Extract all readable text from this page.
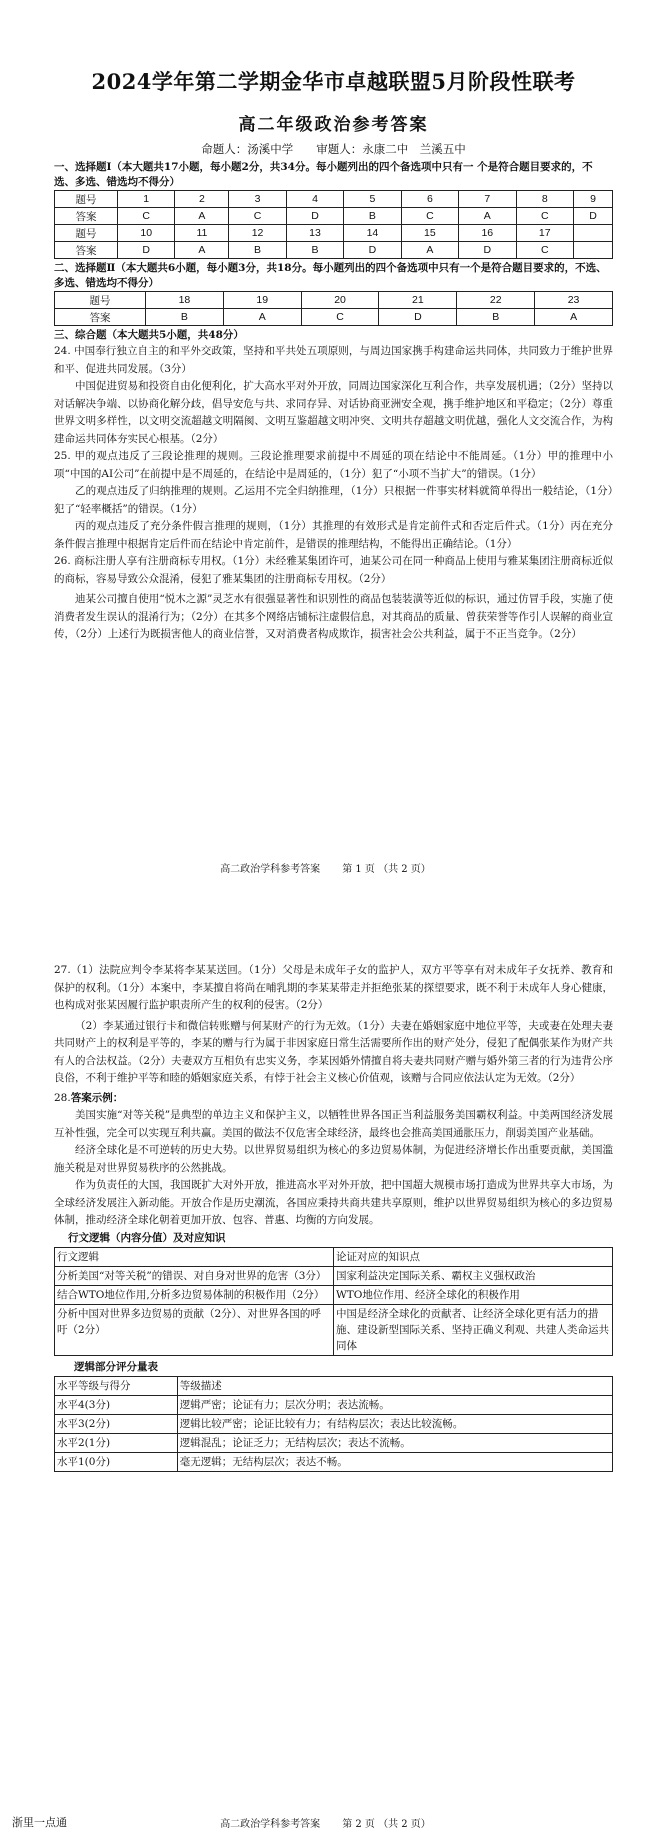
2024学年第二学期金华市卓越联盟5月阶段性联考
高二年级政治参考答案
命题人：汤溪中学　　审题人：永康二中　兰溪五中
一、选择题Ⅰ（本大题共17小题，每小题2分，共34分。每小题列出的四个备选项中只有一 个是符合题目要求的，不选、多选、错选均不得分）
题号	1	2	3	4	5	6	7	8	9
答案	C	A	C	D	B	C	A	C	D
题号	10	11	12	13	14	15	16	17	
答案	D	A	B	B	D	A	D	C	
二、选择题Ⅱ（本大题共6小题，每小题3分，共18分。每小题列出的四个备选项中只有一个是符合题目要求的，不选、多选、错选均不得分）
题号	18	19	20	21	22	23
答案	B	A	C	D	B	A
三、综合题（本大题共5小题，共48分）

24. 中国奉行独立自主的和平外交政策，坚持和平共处五项原则，与周边国家携手构建命运共同体，共同致力于维护世界和平、促进共同发展。（3分）

中国促进贸易和投资自由化便利化，扩大高水平对外开放，同周边国家深化互利合作，共享发展机遇；（2分）坚持以对话解决争端、以协商化解分歧，倡导安危与共、求同存异、对话协商亚洲安全观，携手维护地区和平稳定；（2分）尊重世界文明多样性，以文明交流超越文明隔阂、文明互鉴超越文明冲突、文明共存超越文明优越，强化人文交流合作，为构建命运共同体夯实民心根基。（2分）

25. 甲的观点违反了三段论推理的规则。三段论推理要求前提中不周延的项在结论中不能周延。（1分）甲的推理中小项“中国的AI公司”在前提中是不周延的，在结论中是周延的，（1分）犯了“小项不当扩大”的错误。（1分）

乙的观点违反了归纳推理的规则。乙运用不完全归纳推理，（1分）只根据一件事实材料就简单得出一般结论，（1分）犯了“轻率概括”的错误。（1分）

丙的观点违反了充分条件假言推理的规则，（1分）其推理的有效形式是肯定前件式和否定后件式。（1分）丙在充分条件假言推理中根据肯定后件而在结论中肯定前件，是错误的推理结构，不能得出正确结论。（1分）

26. 商标注册人享有注册商标专用权。（1分）未经雅某集团许可，迪某公司在同一种商品上使用与雅某集团注册商标近似的商标，容易导致公众混淆，侵犯了雅某集团的注册商标专用权。（2分）

迪某公司擅自使用“悦木之源”灵芝水有很强显著性和识别性的商品包装装潢等近似的标识，通过仿冒手段，实施了使消费者发生误认的混淆行为；（2分）在其多个网络店铺标注虚假信息，对其商品的质量、曾获荣誉等作引人误解的商业宣传，（2分）上述行为既损害他人的商业信誉，又对消费者构成欺诈，损害社会公共利益，属于不正当竞争。（2分）

高二政治学科参考答案 第 1 页 （共 2 页）

27.（1）法院应判令李某将李某某送回。（1分）父母是未成年子女的监护人，双方平等享有对未成年子女抚养、教育和保护的权利。（1分）本案中，李某擅自将尚在哺乳期的李某某带走并拒绝张某的探望要求，既不利于未成年人身心健康，也构成对张某因履行监护职责所产生的权利的侵害。（2分）

（2）李某通过银行卡和微信转账赠与何某财产的行为无效。（1分）夫妻在婚姻家庭中地位平等，夫或妻在处理夫妻共同财产上的权利是平等的，李某的赠与行为属于非因家庭日常生活需要所作出的财产处分，侵犯了配偶张某作为财产共有人的合法权益。（2分）夫妻双方互相负有忠实义务，李某因婚外情擅自将夫妻共同财产赠与婚外第三者的行为违背公序良俗，不利于维护平等和睦的婚姻家庭关系，有悖于社会主义核心价值观，该赠与合同应依法认定为无效。（2分）

28.答案示例：

美国实施“对等关税”是典型的单边主义和保护主义，以牺牲世界各国正当利益服务美国霸权利益。中美两国经济发展互补性强，完全可以实现互利共赢。美国的做法不仅危害全球经济，最终也会推高美国通胀压力，削弱美国产业基础。

经济全球化是不可逆转的历史大势。以世界贸易组织为核心的多边贸易体制，为促进经济增长作出重要贡献，美国滥施关税是对世界贸易秩序的公然挑战。

作为负责任的大国，我国既扩大对外开放，推进高水平对外开放，把中国超大规模市场打造成为世界共享大市场，为全球经济发展注入新动能。开放合作是历史潮流，各国应秉持共商共建共享原则，维护以世界贸易组织为核心的多边贸易体制，推动经济全球化朝着更加开放、包容、普惠、均衡的方向发展。

行文逻辑（内容分值）及对应知识
行文逻辑	论证对应的知识点
分析美国“对等关税”的错误、对自身对世界的危害（3分）	国家利益决定国际关系、霸权主义强权政治
结合WTO地位作用,分析多边贸易体制的积极作用（2分）	WTO地位作用、经济全球化的积极作用
分析中国对世界多边贸易的贡献（2分）、对世界各国的呼吁（2分）	中国是经济全球化的贡献者、让经济全球化更有活力的措施、建设新型国际关系、坚持正确义利观、共建人类命运共同体
逻辑部分评分量表
水平等级与得分	等级描述
水平4(3分)	逻辑严密；论证有力；层次分明；表达流畅。
水平3(2分)	逻辑比较严密；论证比较有力；有结构层次；表达比较流畅。
水平2(1分)	逻辑混乱；论证乏力；无结构层次；表达不流畅。
水平1(0分)	毫无逻辑；无结构层次；表达不畅。
高二政治学科参考答案 第 2 页 （共 2 页）
浙里一点通
